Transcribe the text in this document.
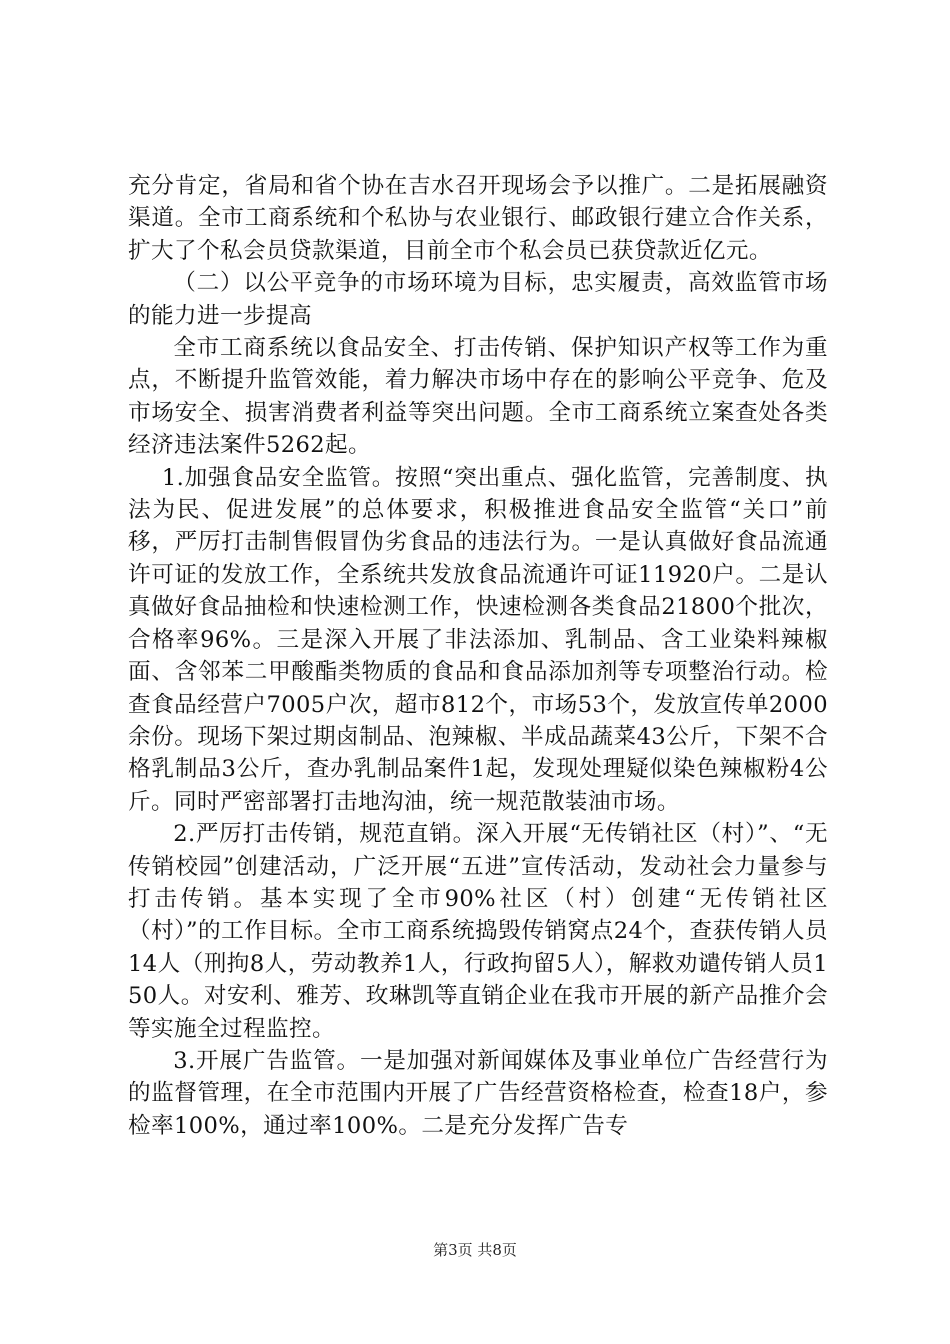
充分肯定，省局和省个协在吉水召开现场会予以推广。二是拓展融资渠道。全市工商系统和个私协与农业银行、邮政银行建立合作关系，扩大了个私会员贷款渠道，目前全市个私会员已获贷款近亿元。

（二）以公平竞争的市场环境为目标，忠实履责，高效监管市场的能力进一步提高

全市工商系统以食品安全、打击传销、保护知识产权等工作为重点，不断提升监管效能，着力解决市场中存在的影响公平竞争、危及市场安全、损害消费者利益等突出问题。全市工商系统立案查处各类经济违法案件5262起。

1.加强食品安全监管。按照“突出重点、强化监管，完善制度、执法为民、促进发展”的总体要求，积极推进食品安全监管“关口”前移，严厉打击制售假冒伪劣食品的违法行为。一是认真做好食品流通许可证的发放工作，全系统共发放食品流通许可证11920户。二是认真做好食品抽检和快速检测工作，快速检测各类食品21800个批次，合格率96%。三是深入开展了非法添加、乳制品、含工业染料辣椒面、含邻苯二甲酸酯类物质的食品和食品添加剂等专项整治行动。检查食品经营户7005户次，超市812个，市场53个，发放宣传单2000余份。现场下架过期卤制品、泡辣椒、半成品蔬菜43公斤，下架不合格乳制品3公斤，查办乳制品案件1起，发现处理疑似染色辣椒粉4公斤。同时严密部署打击地沟油，统一规范散装油市场。

2.严厉打击传销，规范直销。深入开展“无传销社区（村）”、“无传销校园”创建活动，广泛开展“五进”宣传活动，发动社会力量参与打击传销。基本实现了全市90%社区（村）创建“无传销社区（村）”的工作目标。全市工商系统捣毁传销窝点24个，查获传销人员14人（刑拘8人，劳动教养1人，行政拘留5人），解救劝谴传销人员150人。对安利、雅芳、玫琳凯等直销企业在我市开展的新产品推介会等实施全过程监控。

3.开展广告监管。一是加强对新闻媒体及事业单位广告经营行为的监督管理，在全市范围内开展了广告经营资格检查，检查18户，参检率100%，通过率100%。二是充分发挥广告专

第3页 共8页
